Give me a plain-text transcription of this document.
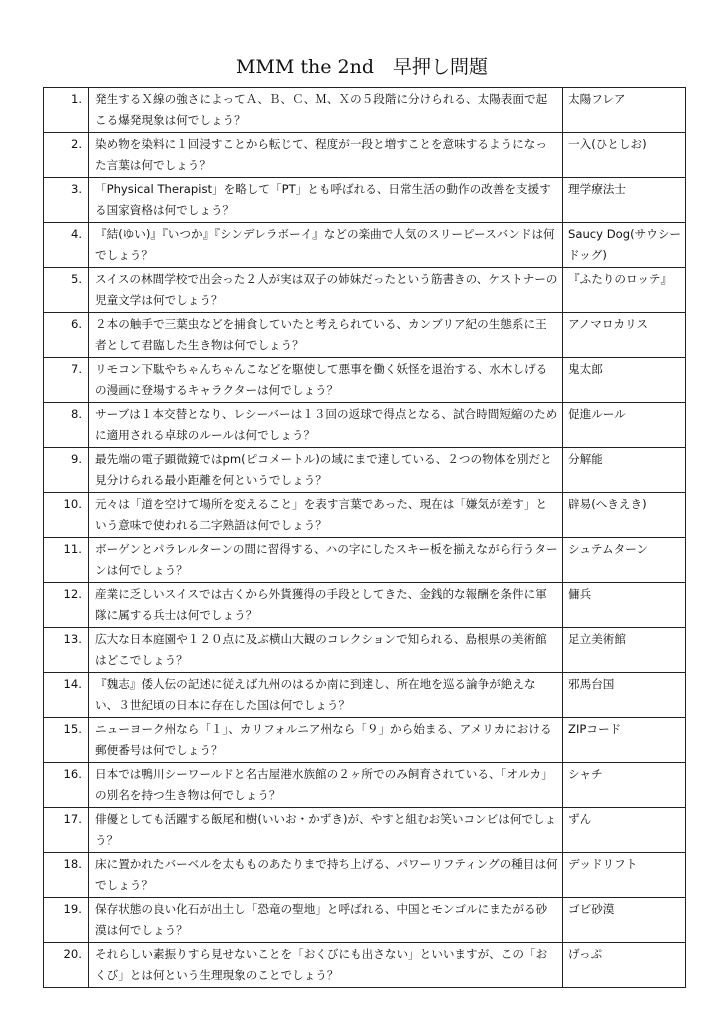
MMM the 2nd　早押し問題
1.	発生するＸ線の強さによってＡ、Ｂ、Ｃ、Ｍ、Ｘの５段階に分けられる、太陽表面で起こる爆発現象は何でしょう？	太陽フレア
2.	染め物を染料に１回浸すことから転じて、程度が一段と増すことを意味するようになった言葉は何でしょう？	一入(ひとしお)
3.	「Physical Therapist」を略して「PT」とも呼ばれる、日常生活の動作の改善を支援する国家資格は何でしょう？	理学療法士
4.	『結(ゆい)』『いつか』『シンデレラボーイ』などの楽曲で人気のスリーピースバンドは何でしょう？	Saucy Dog(サウシードッグ)
5.	スイスの林間学校で出会った２人が実は双子の姉妹だったという筋書きの、ケストナーの児童文学は何でしょう？	『ふたりのロッテ』
6.	２本の触手で三葉虫などを捕食していたと考えられている、カンブリア紀の生態系に王者として君臨した生き物は何でしょう？	アノマロカリス
7.	リモコン下駄やちゃんちゃんこなどを駆使して悪事を働く妖怪を退治する、水木しげるの漫画に登場するキャラクターは何でしょう？	鬼太郎
8.	サーブは１本交替となり、レシーバーは１３回の返球で得点となる、試合時間短縮のために適用される卓球のルールは何でしょう？	促進ルール
9.	最先端の電子顕微鏡ではpm(ピコメートル)の域にまで達している、２つの物体を別だと見分けられる最小距離を何というでしょう？	分解能
10.	元々は「道を空けて場所を変えること」を表す言葉であった、現在は「嫌気が差す」という意味で使われる二字熟語は何でしょう？	辟易(へきえき)
11.	ボーゲンとパラレルターンの間に習得する、ハの字にしたスキー板を揃えながら行うターンは何でしょう？	シュテムターン
12.	産業に乏しいスイスでは古くから外貨獲得の手段としてきた、金銭的な報酬を条件に軍隊に属する兵士は何でしょう？	傭兵
13.	広大な日本庭園や１２０点に及ぶ横山大観のコレクションで知られる、島根県の美術館はどこでしょう？	足立美術館
14.	『魏志』倭人伝の記述に従えば九州のはるか南に到達し、所在地を巡る論争が絶えない、３世紀頃の日本に存在した国は何でしょう？	邪馬台国
15.	ニューヨーク州なら「１」、カリフォルニア州なら「９」から始まる、アメリカにおける郵便番号は何でしょう？	ZIPコード
16.	日本では鴨川シーワールドと名古屋港水族館の２ヶ所でのみ飼育されている、「オルカ」の別名を持つ生き物は何でしょう？	シャチ
17.	俳優としても活躍する飯尾和樹(いいお・かずき)が、やすと組むお笑いコンビは何でしょう？	ずん
18.	床に置かれたバーベルを太もものあたりまで持ち上げる、パワーリフティングの種目は何でしょう？	デッドリフト
19.	保存状態の良い化石が出土し「恐竜の聖地」と呼ばれる、中国とモンゴルにまたがる砂漠は何でしょう？	ゴビ砂漠
20.	それらしい素振りすら見せないことを「おくびにも出さない」といいますが、この「おくび」とは何という生理現象のことでしょう？	げっぷ
